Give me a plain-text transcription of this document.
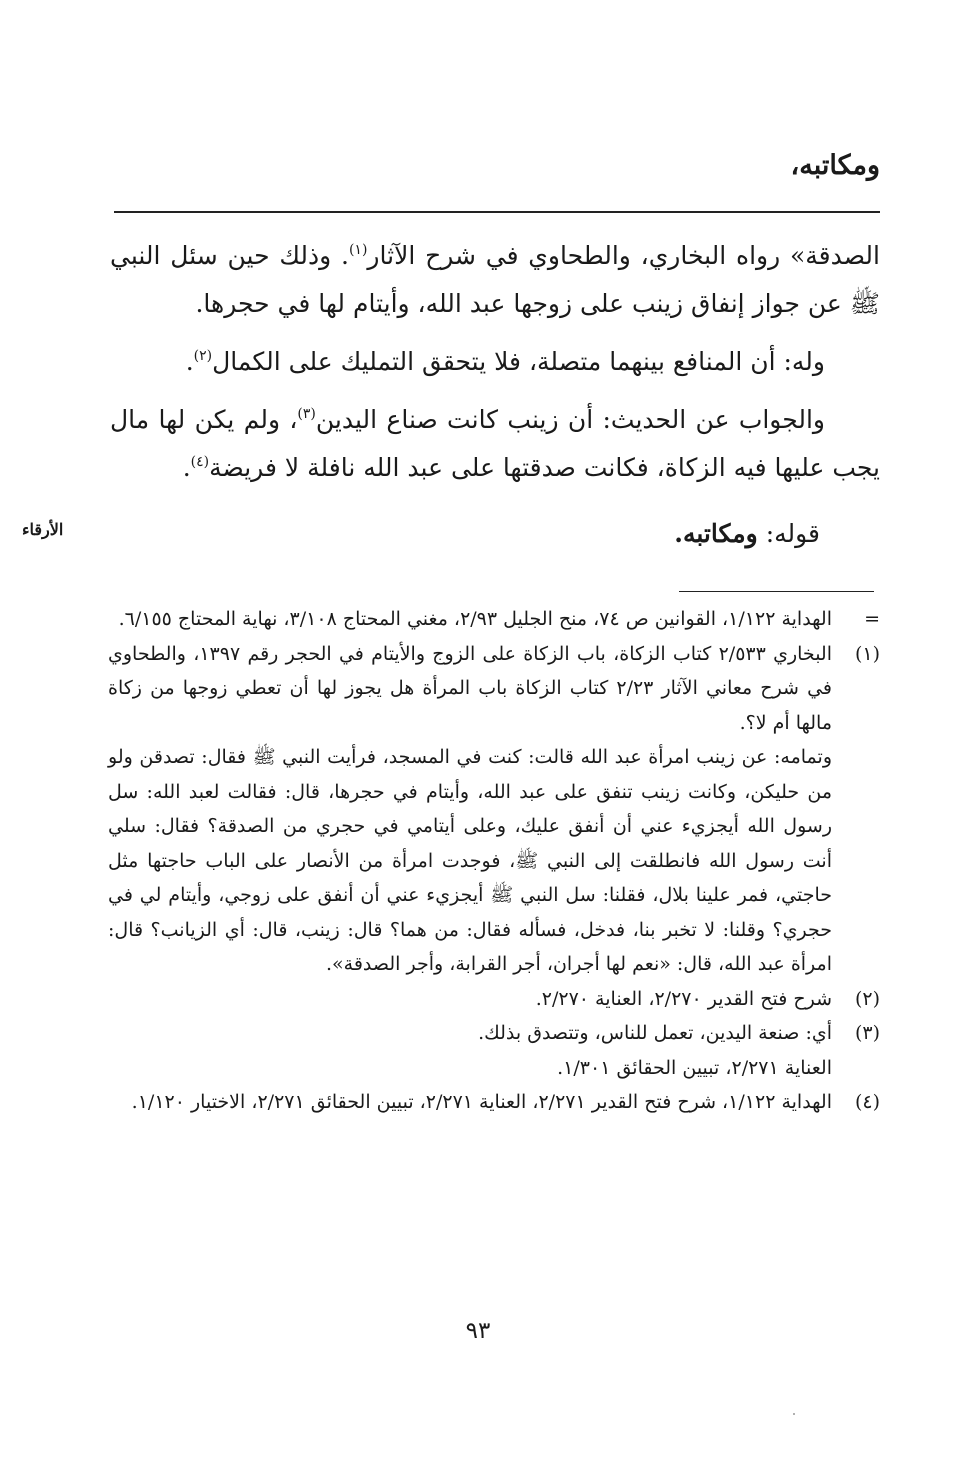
ومكاتبه،

الصدقة» رواه البخاري، والطحاوي في شرح الآثار$^{(١)}$. وذلك حين سئل النبي ﷺ عن جواز إنفاق زينب على زوجها عبد الله، وأيتام لها في حجرها.

وله: أن المنافع بينهما متصلة، فلا يتحقق التمليك على الكمال$^{(٢)}$.

والجواب عن الحديث: أن زينب كانت صناع اليدين$^{(٣)}$، ولم يكن لها مال يجب عليها فيه الزكاة، فكانت صدقتها على عبد الله نافلة لا فريضة$^{(٤)}$.

قوله: ومكاتبه.
الأرقاء
=
الهداية ١/١٢٢، القوانين ص ٧٤، منح الجليل ٢/٩٣، مغني المحتاج ٣/١٠٨، نهاية المحتاج ٦/١٥٥.
(١)
البخاري ٢/٥٣٣ كتاب الزكاة، باب الزكاة على الزوج والأيتام في الحجر رقم ١٣٩٧، والطحاوي في شرح معاني الآثار ٢/٢٣ كتاب الزكاة باب المرأة هل يجوز لها أن تعطي زوجها من زكاة مالها أم لا؟.
وتمامه: عن زينب امرأة عبد الله قالت: كنت في المسجد، فرأيت النبي ﷺ فقال: تصدقن ولو من حليكن، وكانت زينب تنفق على عبد الله، وأيتام في حجرها، قال: فقالت لعبد الله: سل رسول الله أيجزيء عني أن أنفق عليك، وعلى أيتامي في حجري من الصدقة؟ فقال: سلي أنت رسول الله فانطلقت إلى النبي ﷺ، فوجدت امرأة من الأنصار على الباب حاجتها مثل حاجتي، فمر علينا بلال، فقلنا: سل النبي ﷺ أيجزيء عني أن أنفق على زوجي، وأيتام لي في حجري؟ وقلنا: لا تخبر بنا، فدخل، فسأله فقال: من هما؟ قال: زينب، قال: أي الزيانب؟ قال: امرأة عبد الله، قال: «نعم لها أجران، أجر القرابة، وأجر الصدقة».
(٢)
شرح فتح القدير ٢/٢٧٠، العناية ٢/٢٧٠.
(٣)
أي: صنعة اليدين، تعمل للناس، وتتصدق بذلك.
العناية ٢/٢٧١، تبيين الحقائق ١/٣٠١.
(٤)
الهداية ١/١٢٢، شرح فتح القدير ٢/٢٧١، العناية ٢/٢٧١، تبيين الحقائق ٢/٢٧١، الاختيار ١/١٢٠.
٩٣
